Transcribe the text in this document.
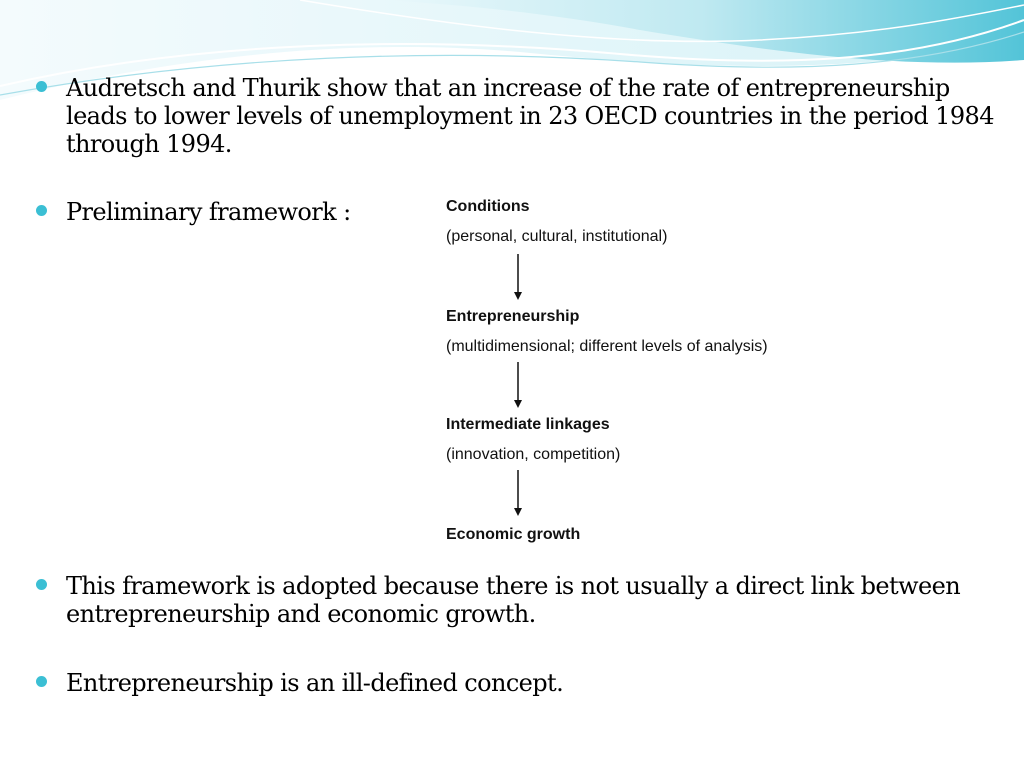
Audretsch and Thurik show that an increase of the rate of entrepreneurship leads to lower levels of unemployment in 23 OECD countries in the period 1984 through 1994.
Preliminary framework :	Conditions
(personal, cultural, institutional)
Entrepreneurship
(multidimensional; different levels of analysis)
Intermediate linkages
(innovation, competition)
Economic growth
This framework is adopted because there is not usually a direct link between entrepreneurship and economic growth.
Entrepreneurship is an ill-defined concept.
